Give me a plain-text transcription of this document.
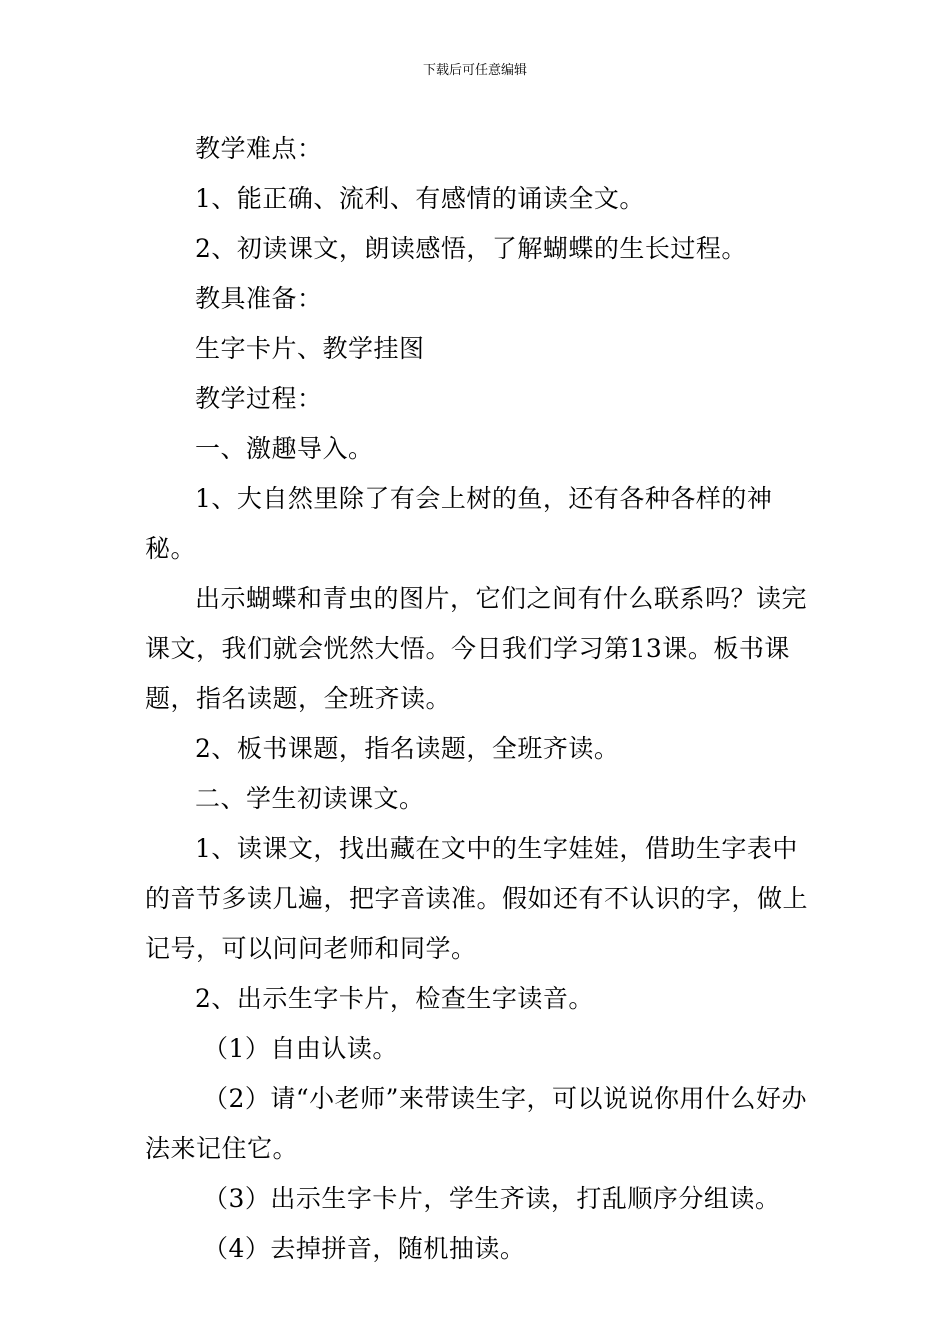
下载后可任意编辑

教学难点：

1、能正确、流利、有感情的诵读全文。

2、初读课文，朗读感悟，了解蝴蝶的生长过程。

教具准备：

生字卡片、教学挂图

教学过程：

一、激趣导入。

1、大自然里除了有会上树的鱼，还有各种各样的神秘。

出示蝴蝶和青虫的图片，它们之间有什么联系吗？读完课文，我们就会恍然大悟。今日我们学习第13课。板书课题，指名读题，全班齐读。

2、板书课题，指名读题，全班齐读。

二、学生初读课文。

1、读课文，找出藏在文中的生字娃娃，借助生字表中的音节多读几遍，把字音读准。假如还有不认识的字，做上记号，可以问问老师和同学。

2、出示生字卡片，检查生字读音。

（1）自由认读。

（2）请“小老师”来带读生字，可以说说你用什么好办法来记住它。

（3）出示生字卡片，学生齐读，打乱顺序分组读。

（4）去掉拼音，随机抽读。
